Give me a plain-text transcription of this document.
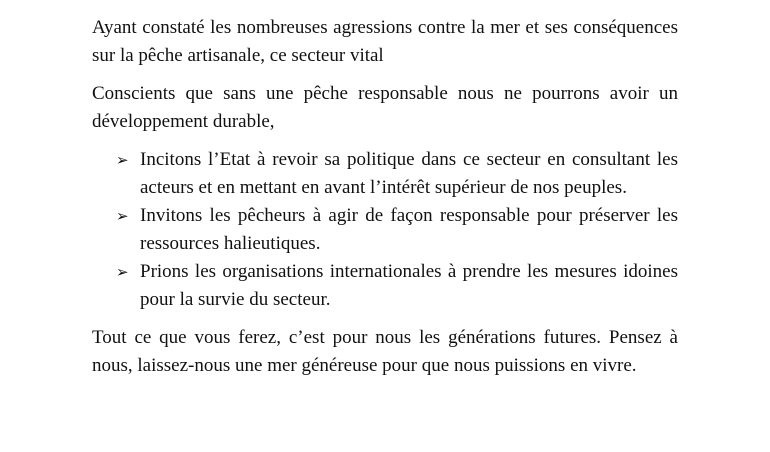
Ayant constaté les nombreuses agressions contre la mer et ses conséquences sur la pêche artisanale, ce secteur vital

Conscients que sans une pêche responsable nous ne pourrons avoir un développement durable,

➢ Incitons l’Etat à revoir sa politique dans ce secteur en consultant les acteurs et en mettant en avant l’intérêt supérieur de nos peuples.
➢ Invitons les pêcheurs à agir de façon responsable pour préserver les ressources halieutiques.
➢ Prions les organisations internationales à prendre les mesures idoines pour la survie du secteur.

Tout ce que vous ferez, c’est pour nous les générations futures. Pensez à nous, laissez-nous une mer généreuse pour que nous puissions en vivre.
